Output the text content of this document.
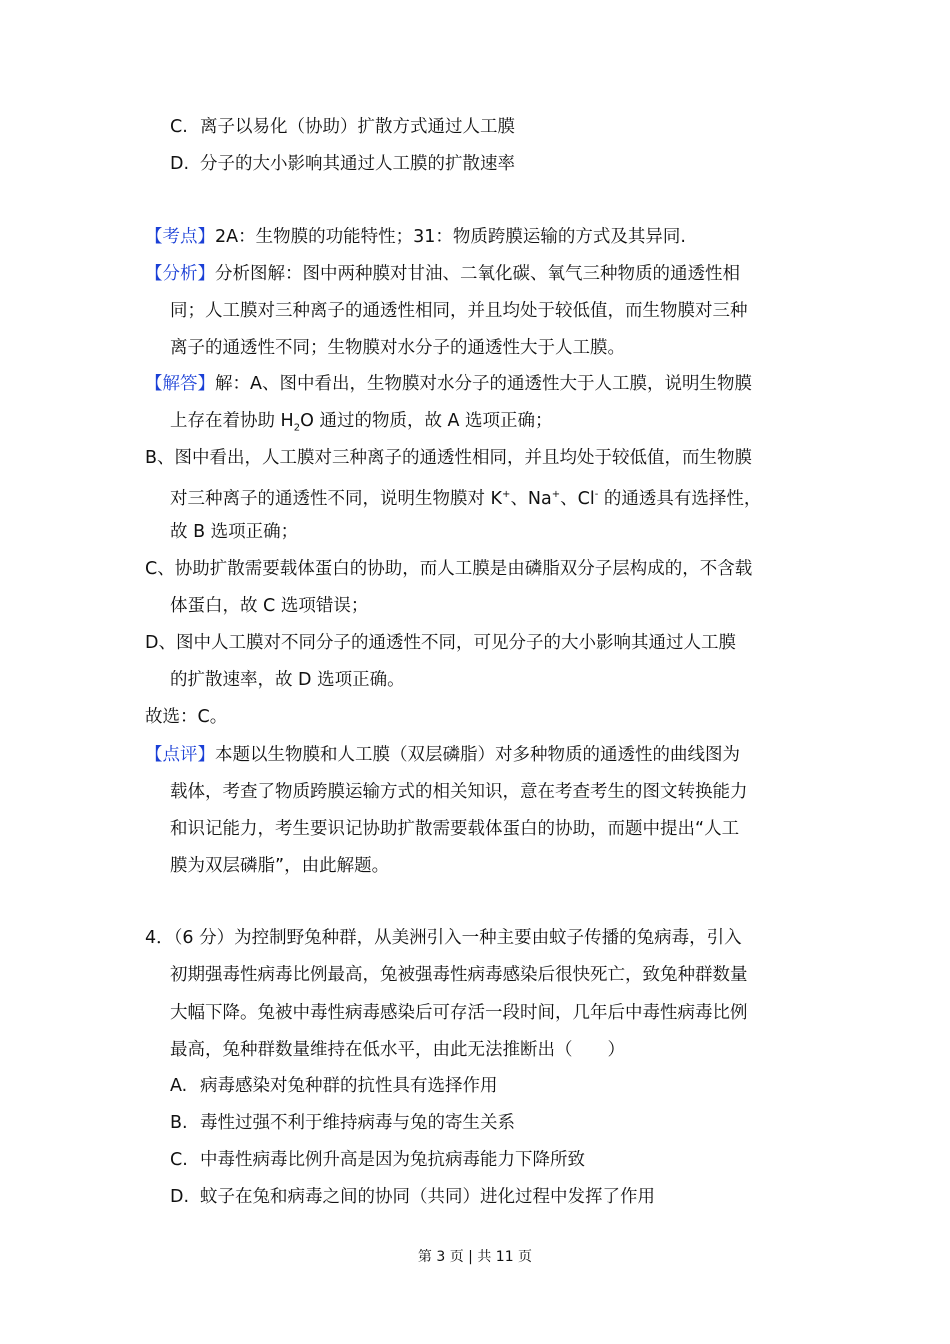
C. 离子以易化（协助）扩散方式通过人工膜
D. 分子的大小影响其通过人工膜的扩散速率
【考点】2A：生物膜的功能特性；31：物质跨膜运输的方式及其异同.
【分析】分析图解：图中两种膜对甘油、二氧化碳、氧气三种物质的通透性相
同；人工膜对三种离子的通透性相同，并且均处于较低值，而生物膜对三种
离子的通透性不同；生物膜对水分子的通透性大于人工膜。
【解答】解：A、图中看出，生物膜对水分子的通透性大于人工膜，说明生物膜
上存在着协助 $H_2O$ 通过的物质，故 A 选项正确；
B、图中看出，人工膜对三种离子的通透性相同，并且均处于较低值，而生物膜
对三种离子的通透性不同，说明生物膜对 K+、Na+、Cl- 的通透具有选择性，
故 B 选项正确；
C、协助扩散需要载体蛋白的协助，而人工膜是由磷脂双分子层构成的，不含载
体蛋白，故 C 选项错误；
D、图中人工膜对不同分子的通透性不同，可见分子的大小影响其通过人工膜
的扩散速率，故 D 选项正确。
故选：C。
【点评】本题以生物膜和人工膜（双层磷脂）对多种物质的通透性的曲线图为
载体，考查了物质跨膜运输方式的相关知识，意在考查考生的图文转换能力
和识记能力，考生要识记协助扩散需要载体蛋白的协助，而题中提出“人工
膜为双层磷脂”，由此解题。
4．（6 分）为控制野兔种群，从美洲引入一种主要由蚊子传播的兔病毒，引入
初期强毒性病毒比例最高，兔被强毒性病毒感染后很快死亡，致兔种群数量
大幅下降。兔被中毒性病毒感染后可存活一段时间，几年后中毒性病毒比例
最高，兔种群数量维持在低水平，由此无法推断出（　　）
A. 病毒感染对兔种群的抗性具有选择作用
B. 毒性过强不利于维持病毒与兔的寄生关系
C. 中毒性病毒比例升高是因为兔抗病毒能力下降所致
D. 蚊子在兔和病毒之间的协同（共同）进化过程中发挥了作用
第 3 页 | 共 11 页
